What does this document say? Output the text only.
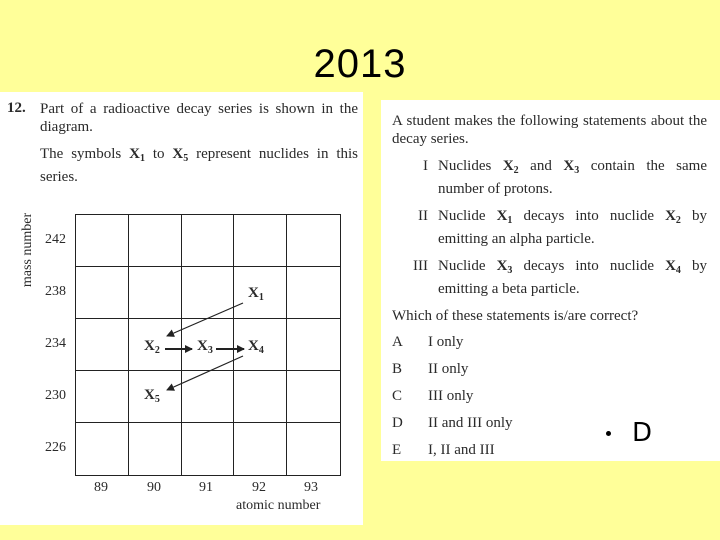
2013
12. Part of a radioactive decay series is shown in the diagram.

The symbols $X_1$ to $X_5$ represent nuclides in this series.

mass number 242
238
234
230
226
89	90	91	92	93
atomic number
$X_1$
$X_2$ $X_3$ $X_4$
$X_5$

A student makes the following statements about the decay series.

I Nuclides $X_2$ and $X_3$ contain the same number of protons.
II Nuclide $X_1$ decays into nuclide $X_2$ by emitting an alpha particle.
III Nuclide $X_3$ decays into nuclide $X_4$ by emitting a beta particle.

Which of these statements is/are correct?

A	I only
B	II only
C	III only
D	II and III only
E	I, II and III
D
